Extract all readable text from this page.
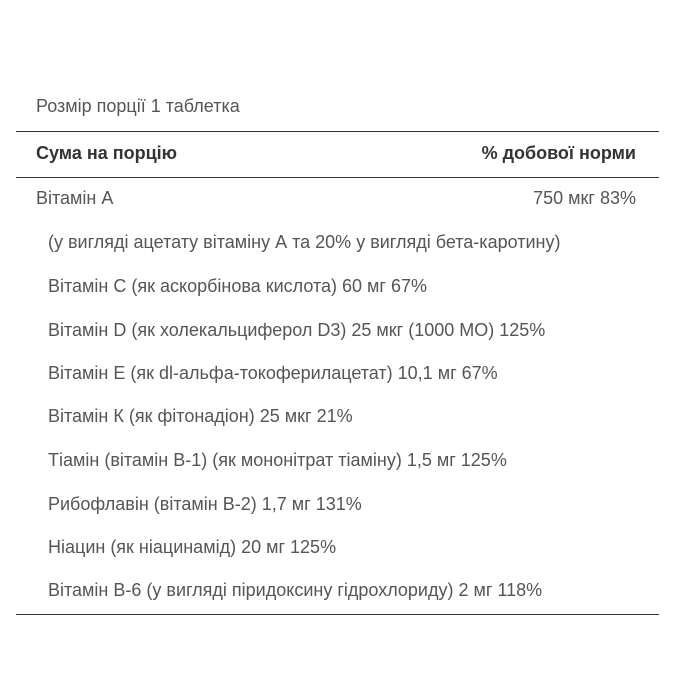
Розмір порції 1 таблетка
Сума на порцію	% добової норми
Вітамін А	750 мкг 83%
(у вигляді ацетату вітаміну А та 20% у вигляді бета-каротину)
Вітамін С (як аскорбінова кислота) 60 мг 67%
Вітамін D (як холекальциферол D3) 25 мкг (1000 МО) 125%
Вітамін Е (як dl-альфа-токоферилацетат) 10,1 мг 67%
Вітамін К (як фітонадіон) 25 мкг 21%
Тіамін (вітамін В-1) (як мононітрат тіаміну) 1,5 мг 125%
Рибофлавін (вітамін В-2) 1,7 мг 131%
Ніацин (як ніацинамід) 20 мг 125%
Вітамін В-6 (у вигляді піридоксину гідрохлориду) 2 мг 118%
